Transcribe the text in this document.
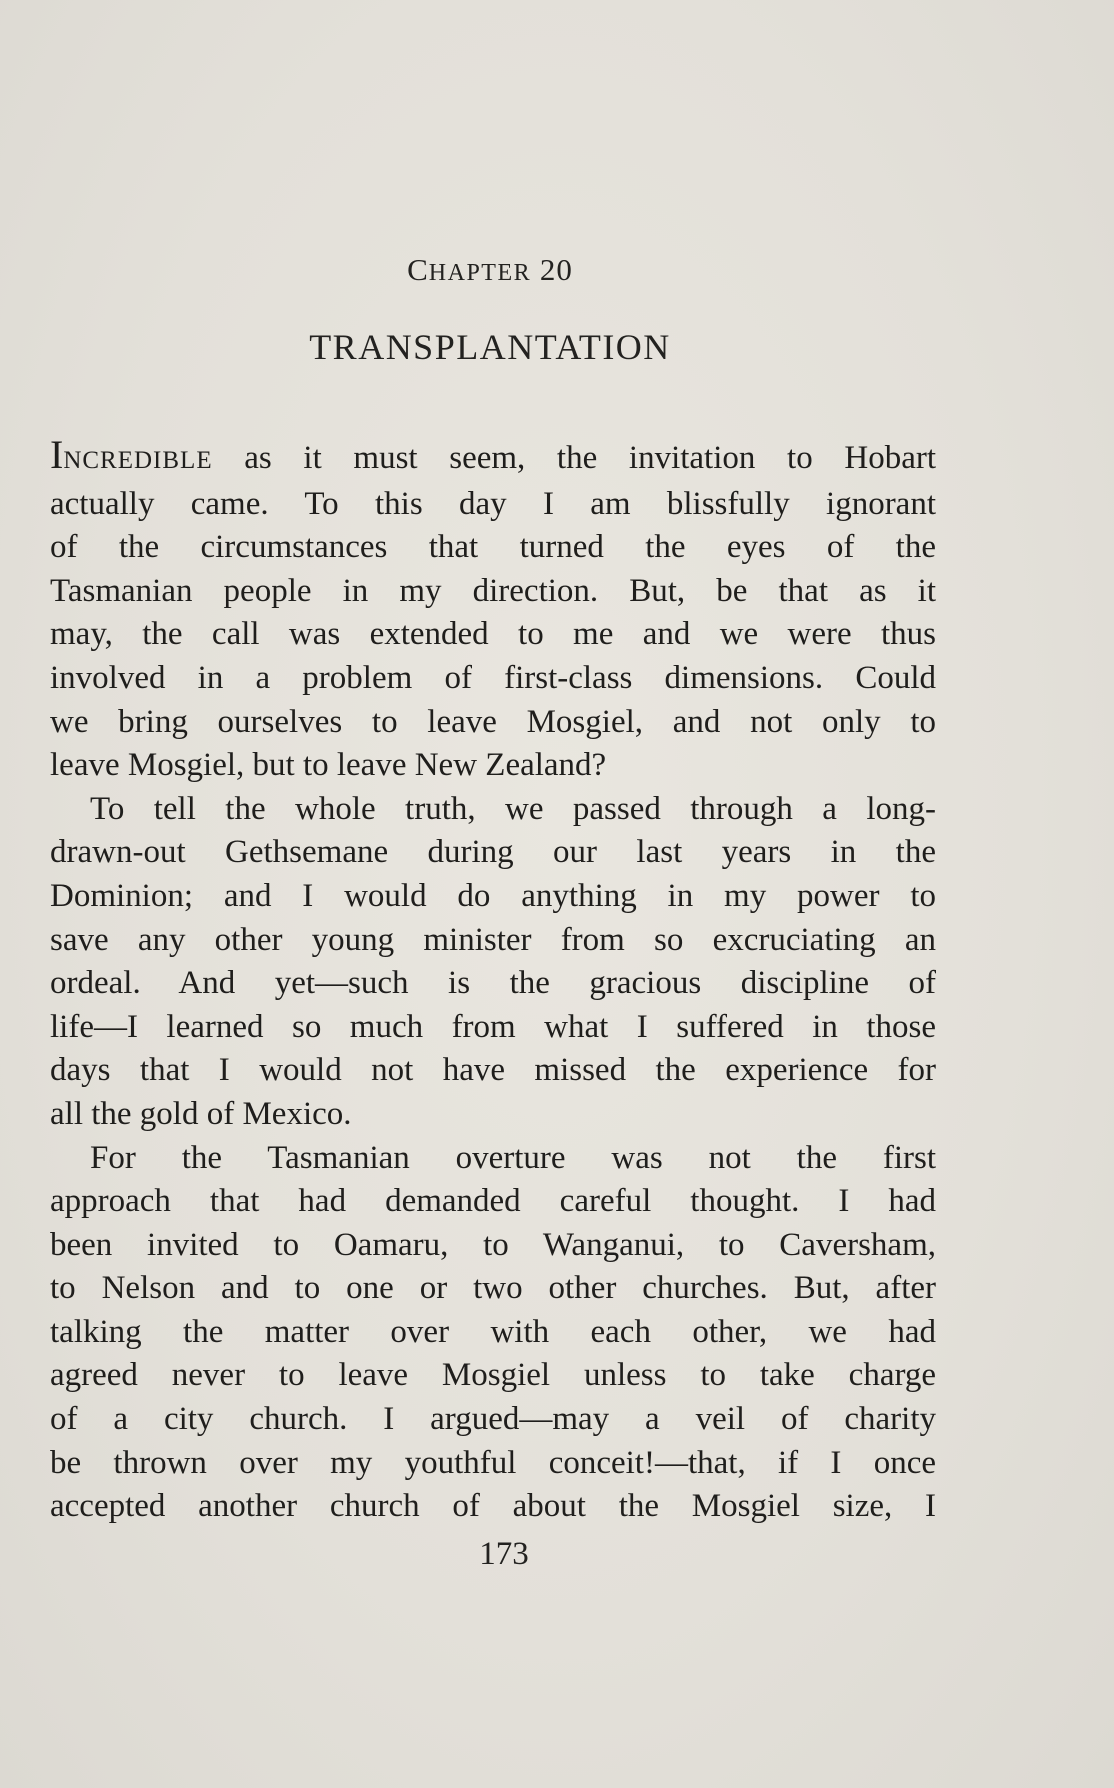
CHAPTER 20
TRANSPLANTATION

INCREDIBLE as it must seem, the invitation to Hobart

actually came. To this day I am blissfully ignorant

of the circumstances that turned the eyes of the

Tasmanian people in my direction. But, be that as it

may, the call was extended to me and we were thus

involved in a problem of first-class dimensions. Could

we bring ourselves to leave Mosgiel, and not only to

leave Mosgiel, but to leave New Zealand?

To tell the whole truth, we passed through a long-

drawn-out Gethsemane during our last years in the

Dominion; and I would do anything in my power to

save any other young minister from so excruciating an

ordeal. And yet—such is the gracious discipline of

life—I learned so much from what I suffered in those

days that I would not have missed the experience for

all the gold of Mexico.

For the Tasmanian overture was not the first

approach that had demanded careful thought. I had

been invited to Oamaru, to Wanganui, to Caversham,

to Nelson and to one or two other churches. But, after

talking the matter over with each other, we had

agreed never to leave Mosgiel unless to take charge

of a city church. I argued—may a veil of charity

be thrown over my youthful conceit!—that, if I once

accepted another church of about the Mosgiel size, I

173
